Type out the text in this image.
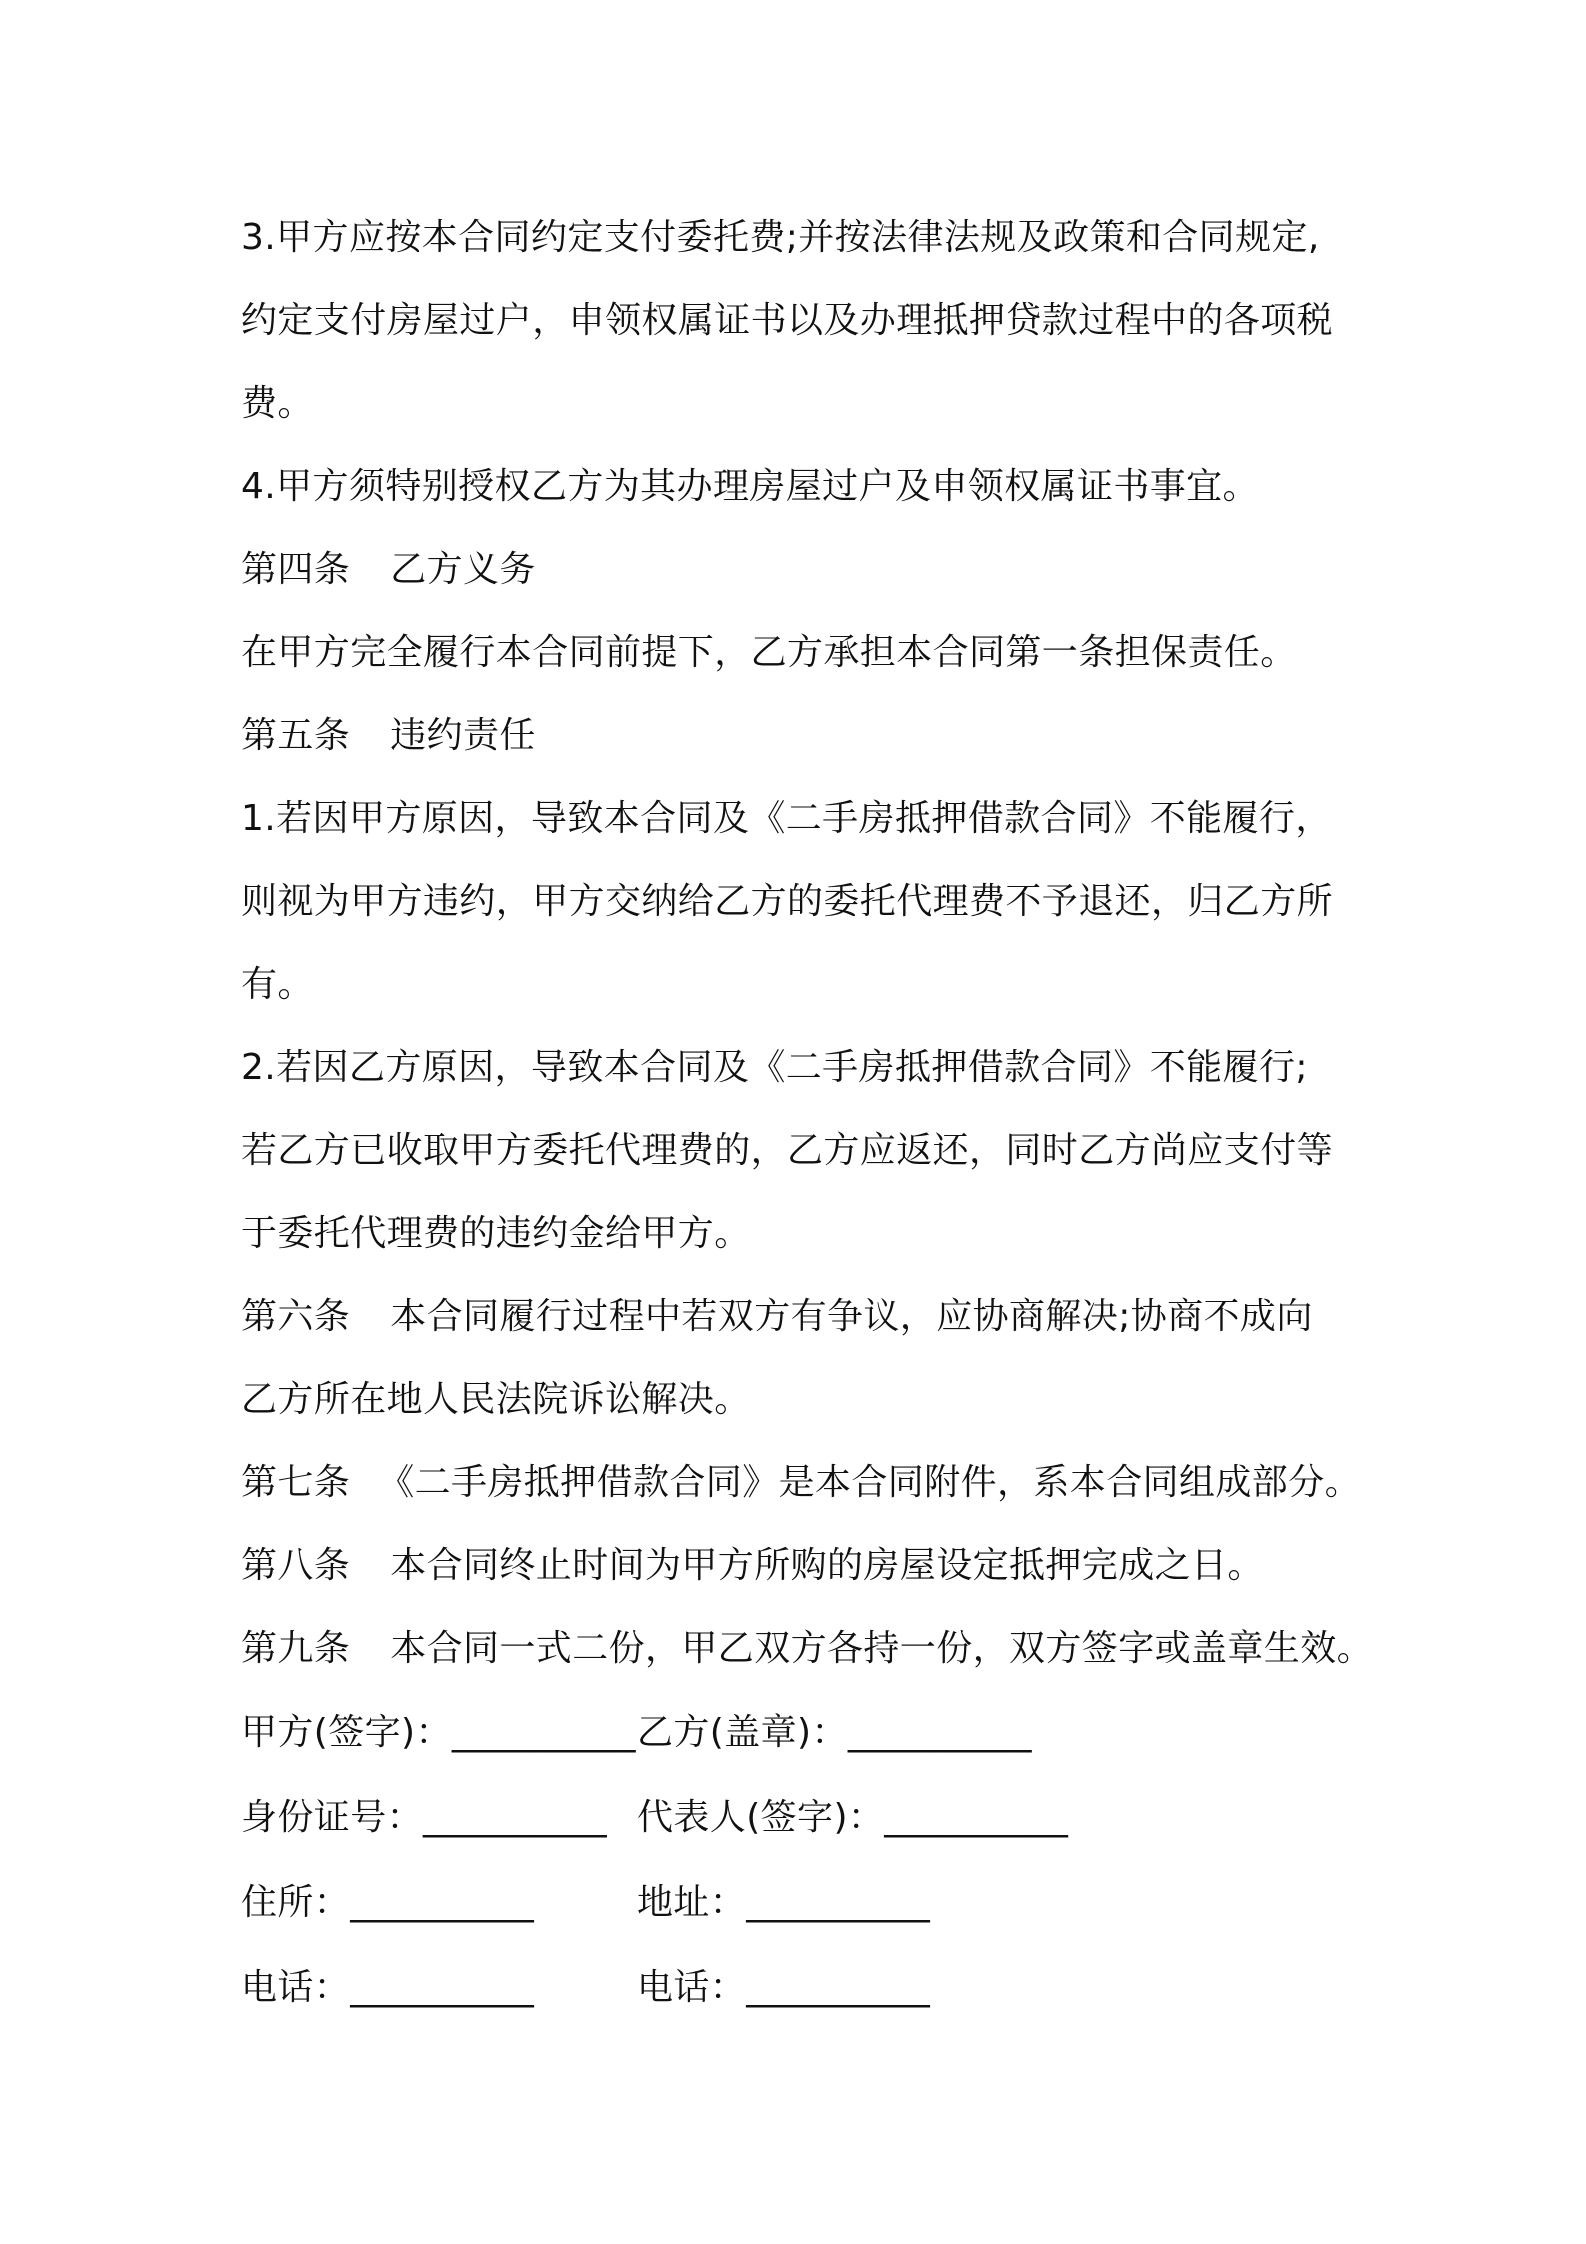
3.甲方应按本合同约定支付委托费;并按法律法规及政策和合同规定,
约定支付房屋过户，申领权属证书以及办理抵押贷款过程中的各项税
费。
4.甲方须特别授权乙方为其办理房屋过户及申领权属证书事宜。
第四条 乙方义务
在甲方完全履行本合同前提下，乙方承担本合同第一条担保责任。
第五条 违约责任
1.若因甲方原因，导致本合同及《二手房抵押借款合同》不能履行，
则视为甲方违约，甲方交纳给乙方的委托代理费不予退还，归乙方所
有。
2.若因乙方原因，导致本合同及《二手房抵押借款合同》不能履行;
若乙方已收取甲方委托代理费的，乙方应返还，同时乙方尚应支付等
于委托代理费的违约金给甲方。
第六条 本合同履行过程中若双方有争议，应协商解决;协商不成向
乙方所在地人民法院诉讼解决。
第七条 《二手房抵押借款合同》是本合同附件，系本合同组成部分。
第八条 本合同终止时间为甲方所购的房屋设定抵押完成之日。
第九条 本合同一式二份，甲乙双方各持一份，双方签字或盖章生效。
甲方(签字)：__________乙方(盖章)：__________
身份证号：__________ 代表人(签字)：__________
住所：__________	地址：__________
电话：__________	电话：__________
